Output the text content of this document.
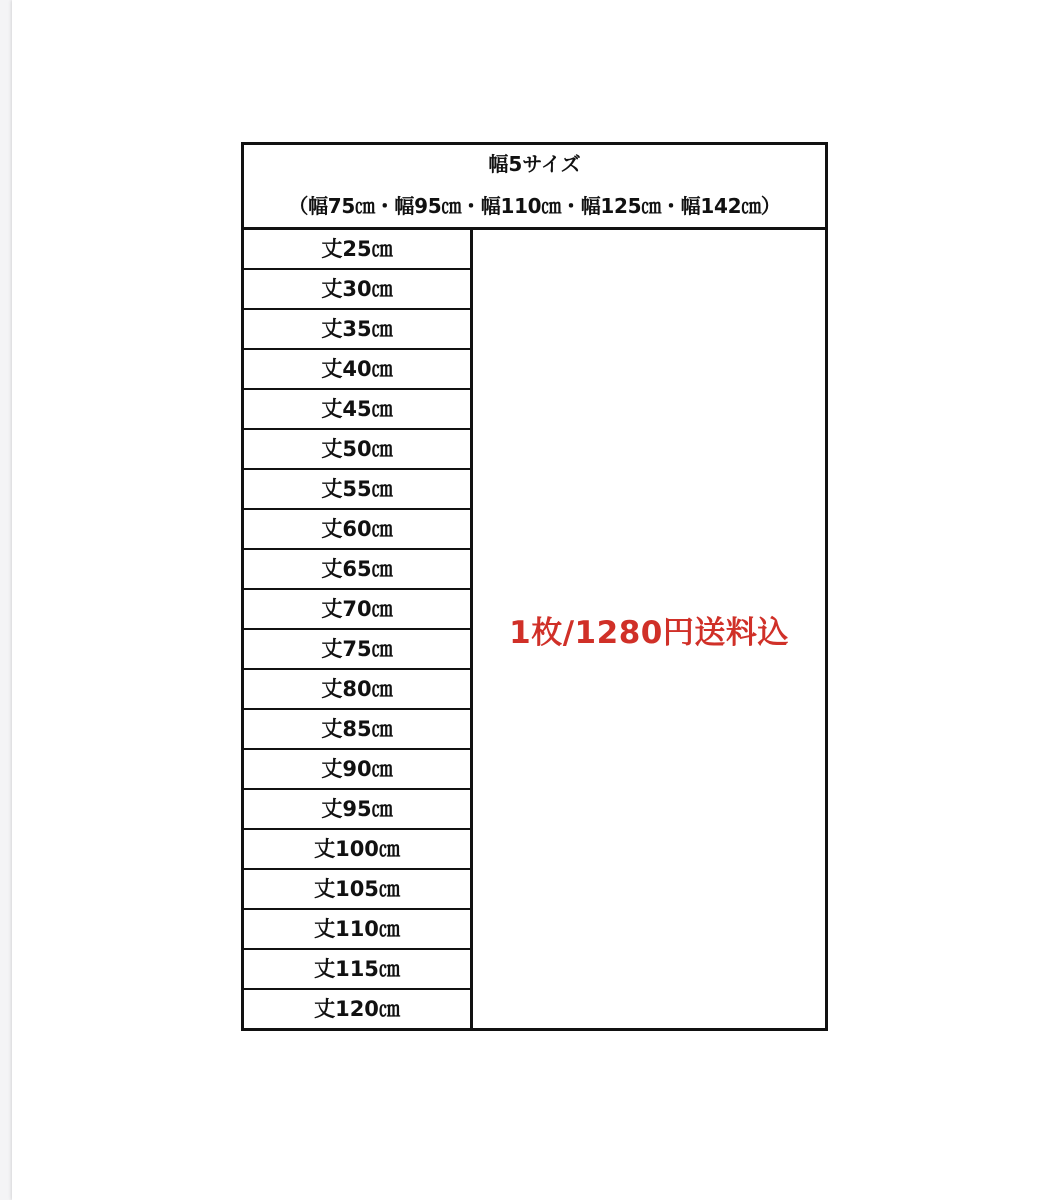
幅5サイズ
（幅75㎝・幅95㎝・幅110㎝・幅125㎝・幅142㎝）

丈25㎝	1枚/1280円送料込
丈30㎝
丈35㎝
丈40㎝
丈45㎝
丈50㎝
丈55㎝
丈60㎝
丈65㎝
丈70㎝
丈75㎝
丈80㎝
丈85㎝
丈90㎝
丈95㎝
丈100㎝
丈105㎝
丈110㎝
丈115㎝
丈120㎝
